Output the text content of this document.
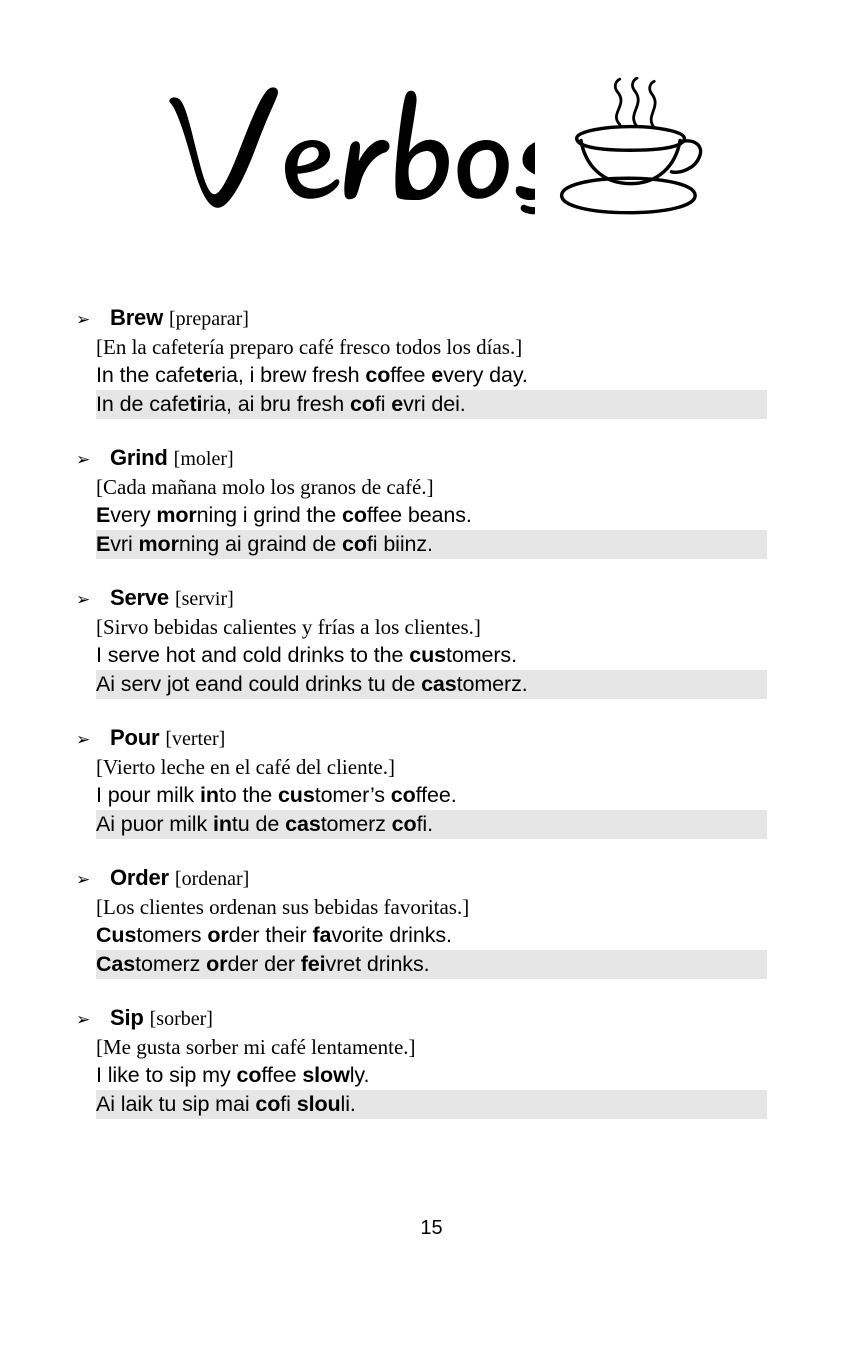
➢ Brew [preparar]
[En la cafetería preparo café fresco todos los días.]
In the cafeteria, i brew fresh coffee every day.
In de cafetiria, ai bru fresh cofi evri dei.
➢ Grind [moler]
[Cada mañana molo los granos de café.]
Every morning i grind the coffee beans.
Evri morning ai graind de cofi biinz.
➢ Serve [servir]
[Sirvo bebidas calientes y frías a los clientes.]
I serve hot and cold drinks to the customers.
Ai serv jot eand could drinks tu de castomerz.
➢ Pour [verter]
[Vierto leche en el café del cliente.]
I pour milk into the customer’s coffee.
Ai puor milk intu de castomerz cofi.
➢ Order [ordenar]
[Los clientes ordenan sus bebidas favoritas.]
Customers order their favorite drinks.
Castomerz order der feivret drinks.
➢ Sip [sorber]
[Me gusta sorber mi café lentamente.]
I like to sip my coffee slowly.
Ai laik tu sip mai cofi slouli.
15
